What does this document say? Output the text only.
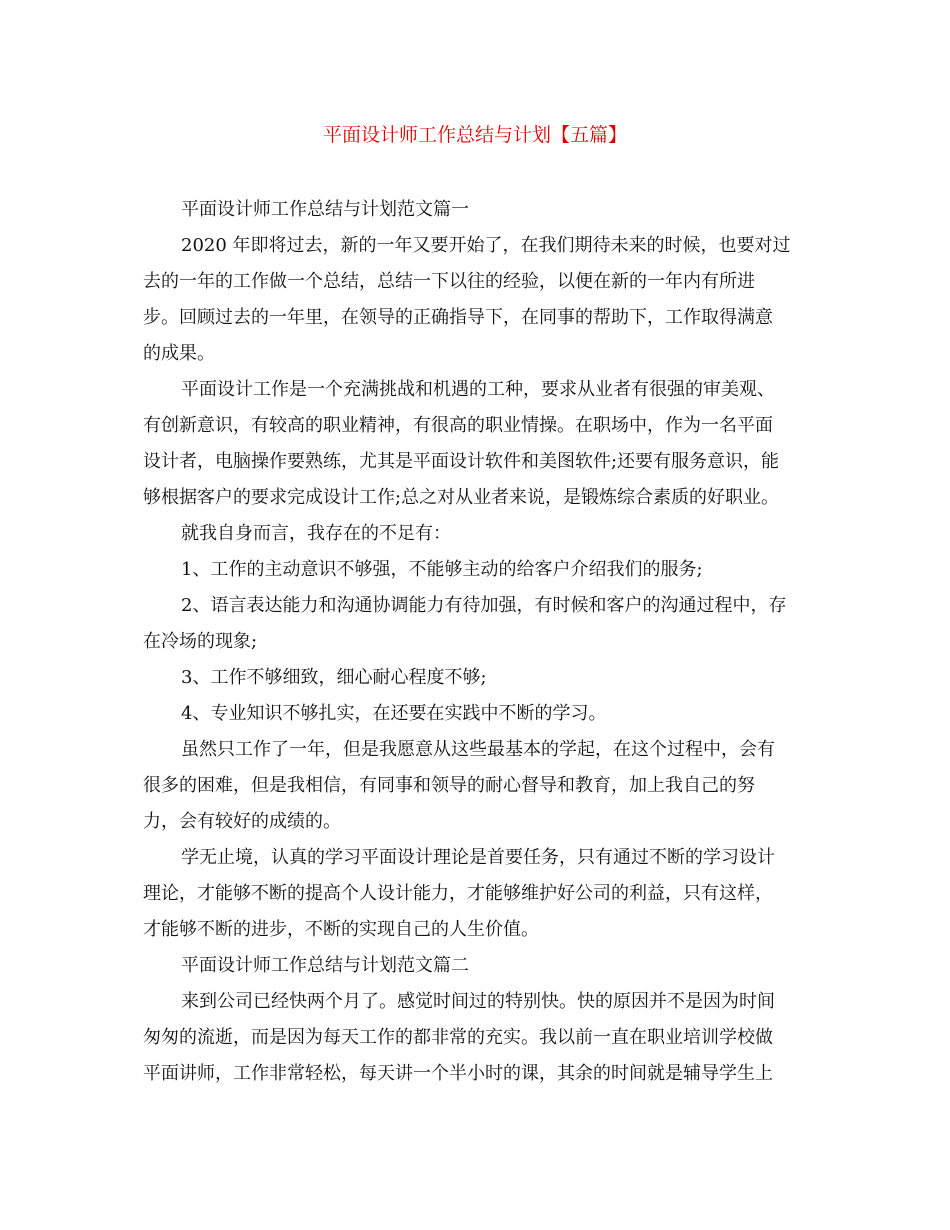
平面设计师工作总结与计划【五篇】

平面设计师工作总结与计划范文篇一

2020 年即将过去，新的一年又要开始了，在我们期待未来的时候，也要对过

去的一年的工作做一个总结，总结一下以往的经验，以便在新的一年内有所进

步。回顾过去的一年里，在领导的正确指导下，在同事的帮助下，工作取得满意

的成果。

平面设计工作是一个充满挑战和机遇的工种，要求从业者有很强的审美观、

有创新意识，有较高的职业精神，有很高的职业情操。在职场中，作为一名平面

设计者，电脑操作要熟练，尤其是平面设计软件和美图软件;还要有服务意识，能

够根据客户的要求完成设计工作;总之对从业者来说，是锻炼综合素质的好职业。

就我自身而言，我存在的不足有：

1、工作的主动意识不够强，不能够主动的给客户介绍我们的服务;

2、语言表达能力和沟通协调能力有待加强，有时候和客户的沟通过程中，存

在冷场的现象;

3、工作不够细致，细心耐心程度不够;

4、专业知识不够扎实，在还要在实践中不断的学习。

虽然只工作了一年，但是我愿意从这些最基本的学起，在这个过程中，会有

很多的困难，但是我相信，有同事和领导的耐心督导和教育，加上我自己的努

力，会有较好的成绩的。

学无止境，认真的学习平面设计理论是首要任务，只有通过不断的学习设计

理论，才能够不断的提高个人设计能力，才能够维护好公司的利益，只有这样，

才能够不断的进步，不断的实现自己的人生价值。

平面设计师工作总结与计划范文篇二

来到公司已经快两个月了。感觉时间过的特别快。快的原因并不是因为时间

匆匆的流逝，而是因为每天工作的都非常的充实。我以前一直在职业培训学校做

平面讲师，工作非常轻松，每天讲一个半小时的课，其余的时间就是辅导学生上
